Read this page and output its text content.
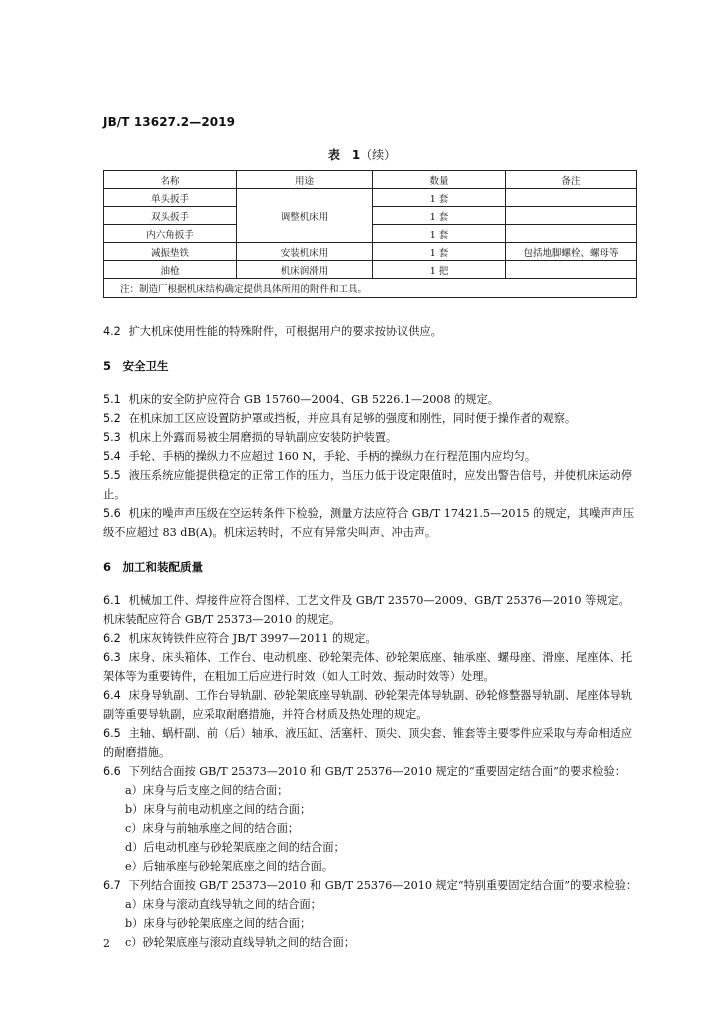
JB/T 13627.2—2019
表　1（续）
名称	用途	数量	备注
单头扳手	调整机床用	1 套	
双头扳手		1 套	
内六角扳手		1 套	
减振垫铁	安装机床用	1 套	包括地脚螺栓、螺母等
油枪	机床润滑用	1 把	
注：制造厂根据机床结构确定提供具体所用的附件和工具。			

4.2 扩大机床使用性能的特殊附件，可根据用户的要求按协议供应。

5　 安全卫生

5.1 机床的安全防护应符合 GB 15760—2004、GB 5226.1—2008 的规定。

5.2 在机床加工区应设置防护罩或挡板，并应具有足够的强度和刚性，同时便于操作者的观察。

5.3 机床上外露而易被尘屑磨损的导轨副应安装防护装置。

5.4 手轮、手柄的操纵力不应超过 160 N，手轮、手柄的操纵力在行程范围内应均匀。

5.5 液压系统应能提供稳定的正常工作的压力，当压力低于设定限值时，应发出警告信号，并使机床运动停止。

5.6 机床的噪声声压级在空运转条件下检验，测量方法应符合 GB/T 17421.5—2015 的规定，其噪声声压级不应超过 83 dB(A)。机床运转时，不应有异常尖叫声、冲击声。

6　 加工和装配质量

6.1 机械加工件、焊接件应符合图样、工艺文件及 GB/T 23570—2009、GB/T 25376—2010 等规定。机床装配应符合 GB/T 25373—2010 的规定。

6.2 机床灰铸铁件应符合 JB/T 3997—2011 的规定。

6.3 床身、床头箱体、工作台、电动机座、砂轮架壳体、砂轮架底座、轴承座、螺母座、滑座、尾座体、托架体等为重要铸件，在粗加工后应进行时效（如人工时效、振动时效等）处理。

6.4 床身导轨副、工作台导轨副、砂轮架底座导轨副、砂轮架壳体导轨副、砂轮修整器导轨副、尾座体导轨副等重要导轨副，应采取耐磨措施，并符合材质及热处理的规定。

6.5 主轴、蜗杆副、前（后）轴承、液压缸、活塞杆、顶尖、顶尖套、锥套等主要零件应采取与寿命相适应的耐磨措施。

6.6 下列结合面按 GB/T 25373—2010 和 GB/T 25376—2010 规定的“重要固定结合面”的要求检验：

a）床身与后支座之间的结合面；

b）床身与前电动机座之间的结合面；

c）床身与前轴承座之间的结合面；

d）后电动机座与砂轮架底座之间的结合面；

e）后轴承座与砂轮架底座之间的结合面。

6.7 下列结合面按 GB/T 25373—2010 和 GB/T 25376—2010 规定“特别重要固定结合面”的要求检验：

a）床身与滚动直线导轨之间的结合面；

b）床身与砂轮架底座之间的结合面；

c）砂轮架底座与滚动直线导轨之间的结合面；

2
